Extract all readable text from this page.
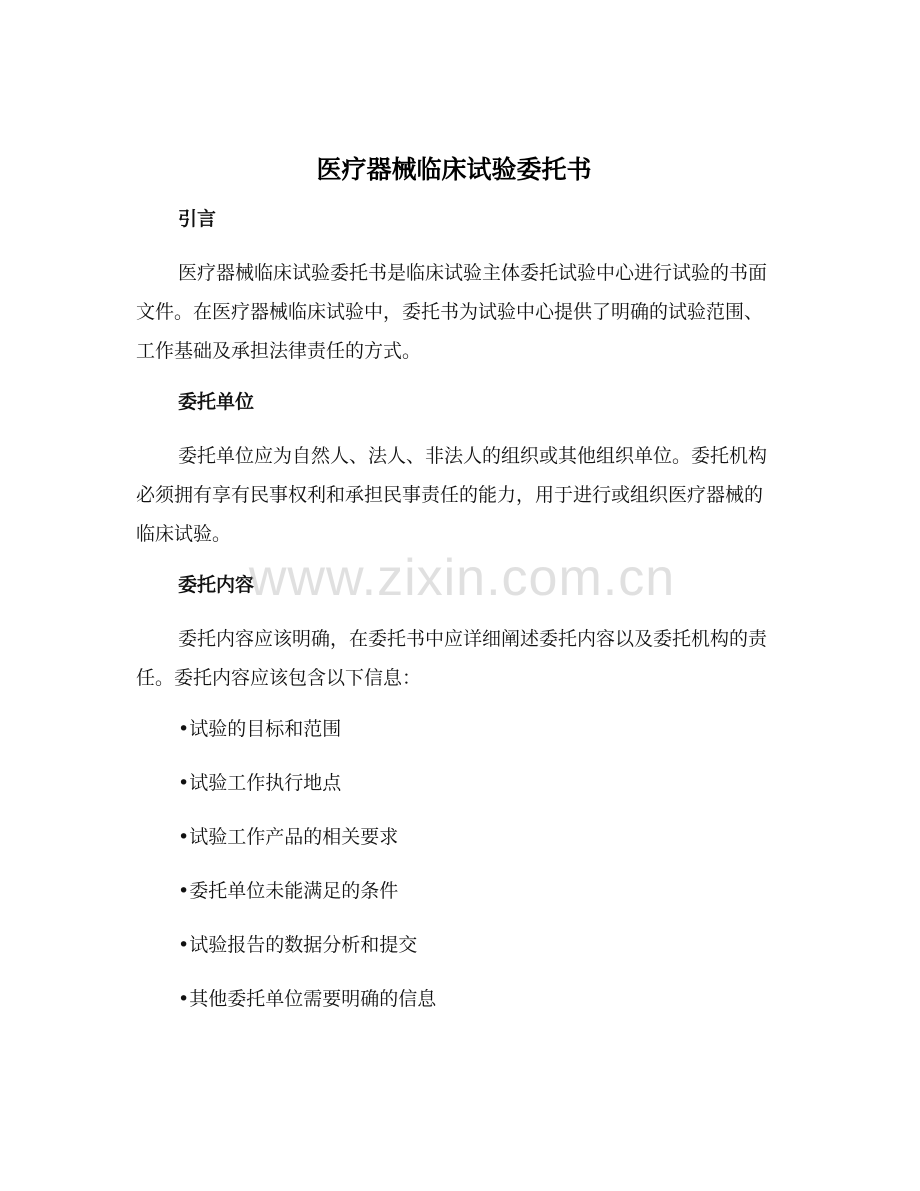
医疗器械临床试验委托书
引言

医疗器械临床试验委托书是临床试验主体委托试验中心进行试验的书面文件。在医疗器械临床试验中，委托书为试验中心提供了明确的试验范围、工作基础及承担法律责任的方式。

委托单位

委托单位应为自然人、法人、非法人的组织或其他组织单位。委托机构必须拥有享有民事权利和承担民事责任的能力，用于进行或组织医疗器械的临床试验。

委托内容

委托内容应该明确，在委托书中应详细阐述委托内容以及委托机构的责任。委托内容应该包含以下信息：

•试验的目标和范围
•试验工作执行地点
•试验工作产品的相关要求
•委托单位未能满足的条件
•试验报告的数据分析和提交
•其他委托单位需要明确的信息
www.zixin.com.cn
